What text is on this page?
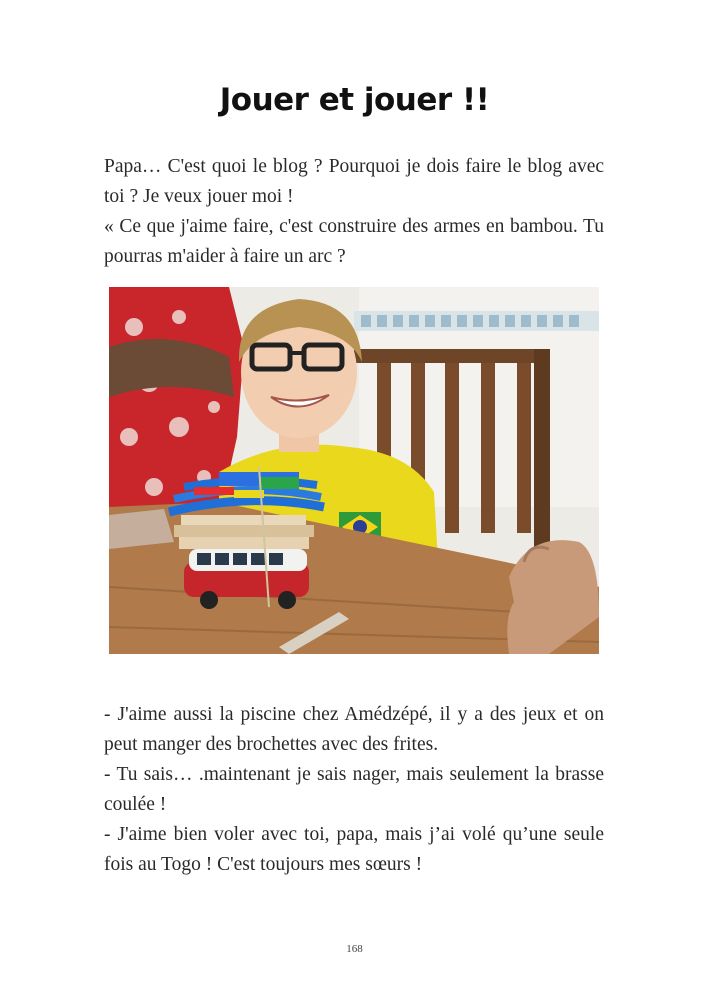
Jouer et jouer !!

Papa… C'est quoi le blog ? Pourquoi je dois faire le blog avec toi ? Je veux jouer moi !

« Ce que j'aime faire, c'est construire des armes en bambou. Tu pourras m'aider à faire un arc ?

- J'aime aussi la piscine chez Amédzépé, il y a des jeux et on peut manger des brochettes avec des frites.

- Tu sais… .maintenant je sais nager, mais seulement la brasse coulée !

- J'aime bien voler avec toi, papa, mais j’ai volé qu’une seule fois au Togo ! C'est toujours mes sœurs !

168
